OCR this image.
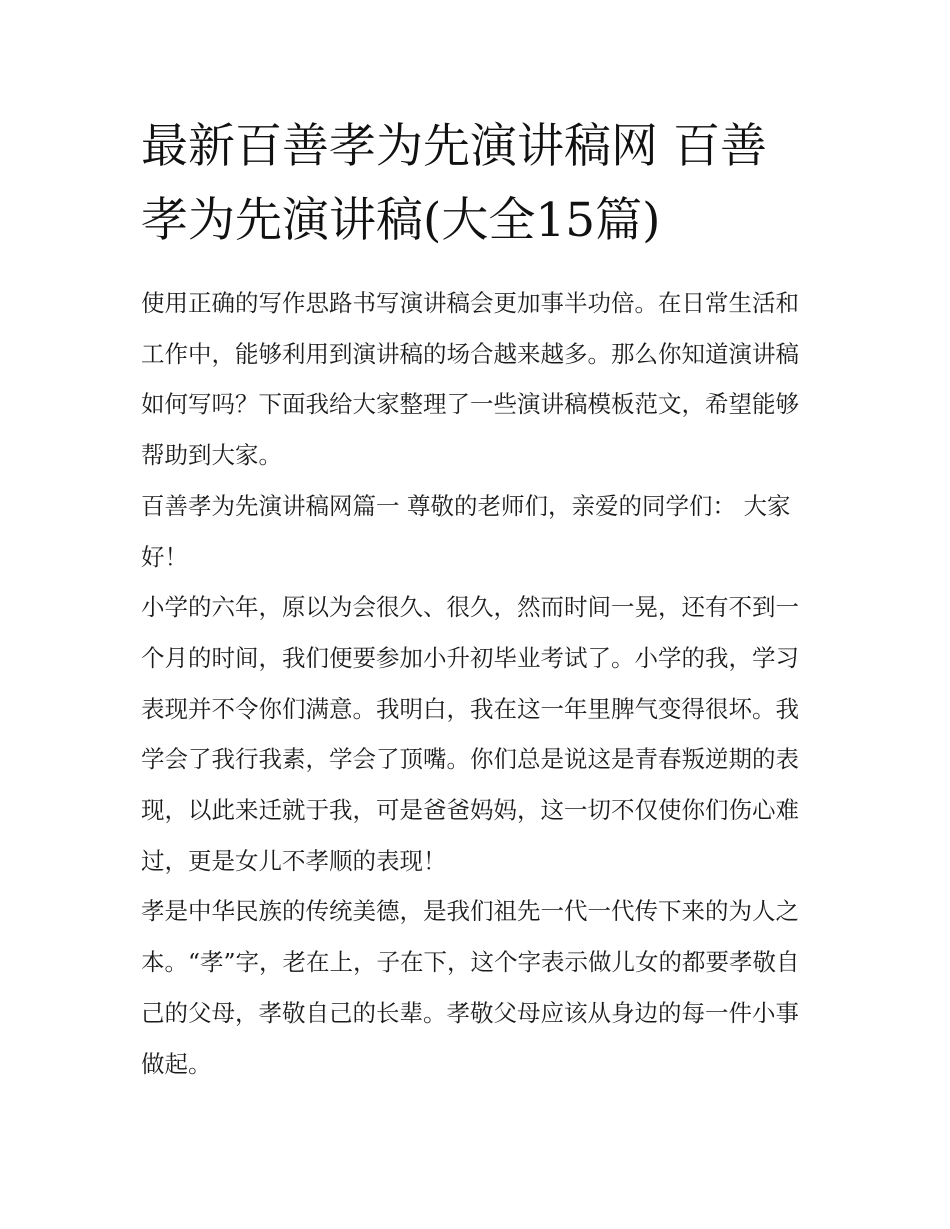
最新百善孝为先演讲稿网 百善孝为先演讲稿(大全15篇)

使用正确的写作思路书写演讲稿会更加事半功倍。在日常生活和工作中，能够利用到演讲稿的场合越来越多。那么你知道演讲稿如何写吗？下面我给大家整理了一些演讲稿模板范文，希望能够帮助到大家。

百善孝为先演讲稿网篇一 尊敬的老师们，亲爱的同学们： 大家好！

小学的六年，原以为会很久、很久，然而时间一晃，还有不到一个月的时间，我们便要参加小升初毕业考试了。小学的我，学习表现并不令你们满意。我明白，我在这一年里脾气变得很坏。我学会了我行我素，学会了顶嘴。你们总是说这是青春叛逆期的表现，以此来迁就于我，可是爸爸妈妈，这一切不仅使你们伤心难过，更是女儿不孝顺的表现！

孝是中华民族的传统美德，是我们祖先一代一代传下来的为人之本。“孝”字，老在上，子在下，这个字表示做儿女的都要孝敬自己的父母，孝敬自己的长辈。孝敬父母应该从身边的每一件小事做起。
